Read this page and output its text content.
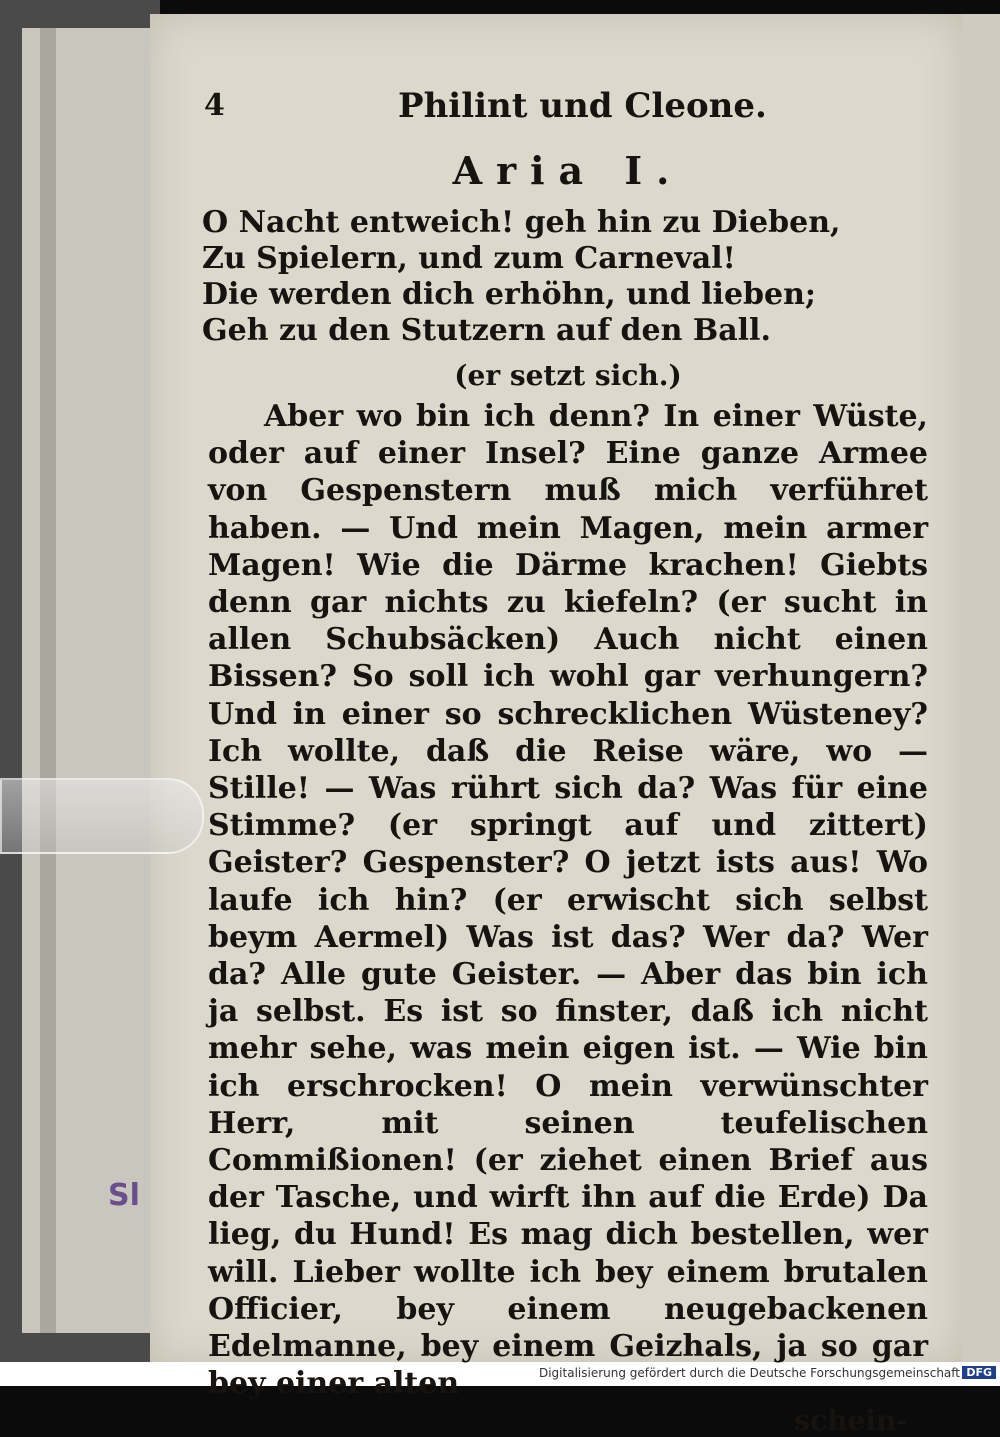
Sl
4	Philint und Cleone.
Aria I.
O Nacht entweich! geh hin zu Dieben,
Zu Spielern, und zum Carneval!
Die werden dich erhöhn, und lieben;
Geh zu den Stutzern auf den Ball.
(er setzt sich.)
Aber wo bin ich denn? In einer Wüste, oder auf einer Insel? Eine ganze Armee von Gespenstern muß mich verführet haben. — Und mein Magen, mein armer Magen! Wie die Därme krachen! Giebts denn gar nichts zu kiefeln? (er sucht in allen Schubsäcken) Auch nicht einen Bissen? So soll ich wohl gar verhungern? Und in einer so schrecklichen Wüsteney? Ich wollte, daß die Reise wäre, wo — Stille! — Was rührt sich da? Was für eine Stimme? (er springt auf und zittert) Geister? Gespenster? O jetzt ists aus! Wo laufe ich hin? (er erwischt sich selbst beym Aermel) Was ist das? Wer da? Wer da? Alle gute Geister. — Aber das bin ich ja selbst. Es ist so finster, daß ich nicht mehr sehe, was mein eigen ist. — Wie bin ich erschrocken! O mein verwünschter Herr, mit seinen teufelischen Commißionen! (er ziehet einen Brief aus der Tasche, und wirft ihn auf die Erde) Da lieg, du Hund! Es mag dich bestellen, wer will. Lieber wollte ich bey einem brutalen Officier, bey einem neugebackenen Edelmanne, bey einem Geizhals, ja so gar bey einer alten
schein-
Digitalisierung gefördert durch die Deutsche Forschungsgemeinschaft DFG
